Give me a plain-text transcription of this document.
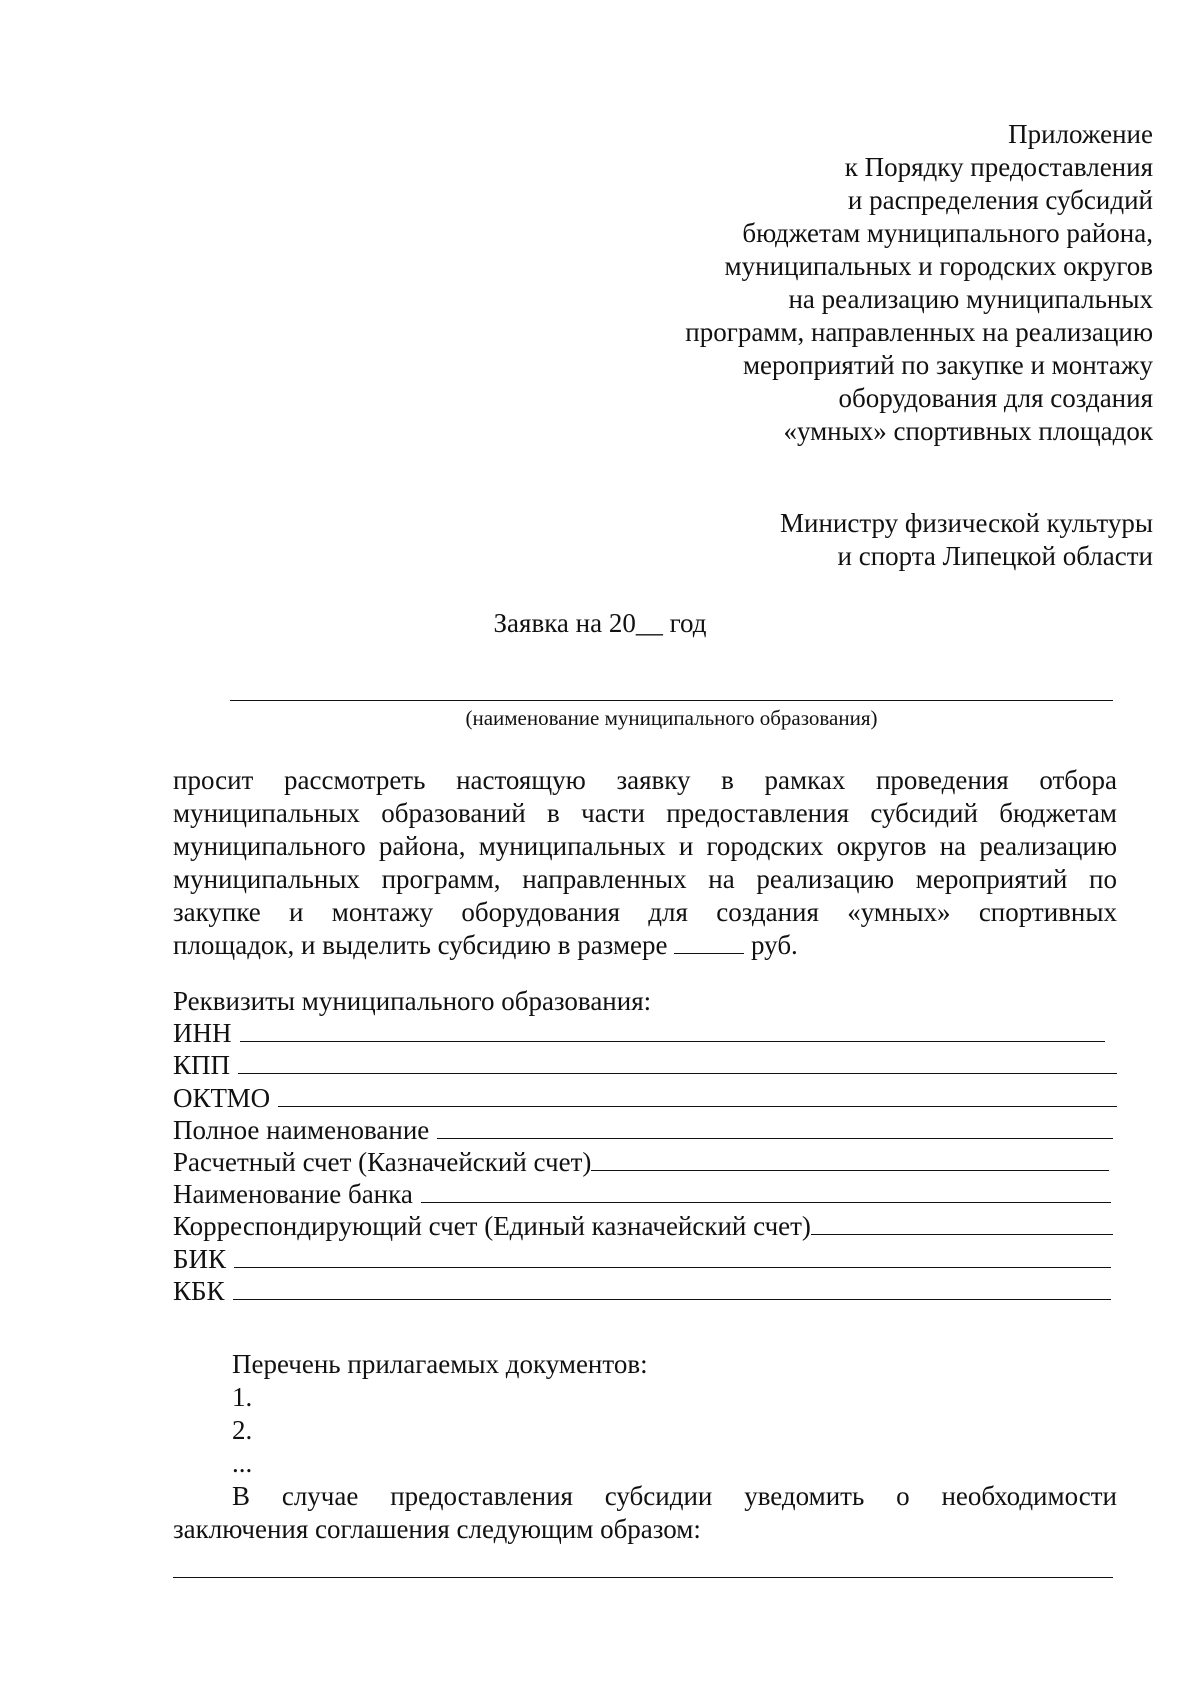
Приложение
к Порядку предоставления
и распределения субсидий
бюджетам муниципального района,
муниципальных и городских округов
на реализацию муниципальных
программ, направленных на реализацию
мероприятий по закупке и монтажу
оборудования для создания
«умных» спортивных площадок
Министру физической культуры
и спорта Липецкой области
Заявка на 20__ год
(наименование муниципального образования)
просит рассмотреть настоящую заявку в рамках проведения отбора
муниципальных образований в части предоставления субсидий бюджетам
муниципального района, муниципальных и городских округов на реализацию
муниципальных программ, направленных на реализацию мероприятий по
закупке и монтажу оборудования для создания «умных» спортивных
площадок, и выделить субсидию в размере	руб.
Реквизиты муниципального образования:
ИНН
КПП
ОКТМО
Полное наименование
Расчетный счет (Казначейский счет)
Наименование банка
Корреспондирующий счет (Единый казначейский счет)
БИК
КБК
Перечень прилагаемых документов:
1.
2.
...
В случае предоставления субсидии уведомить о необходимости
заключения соглашения следующим образом:
